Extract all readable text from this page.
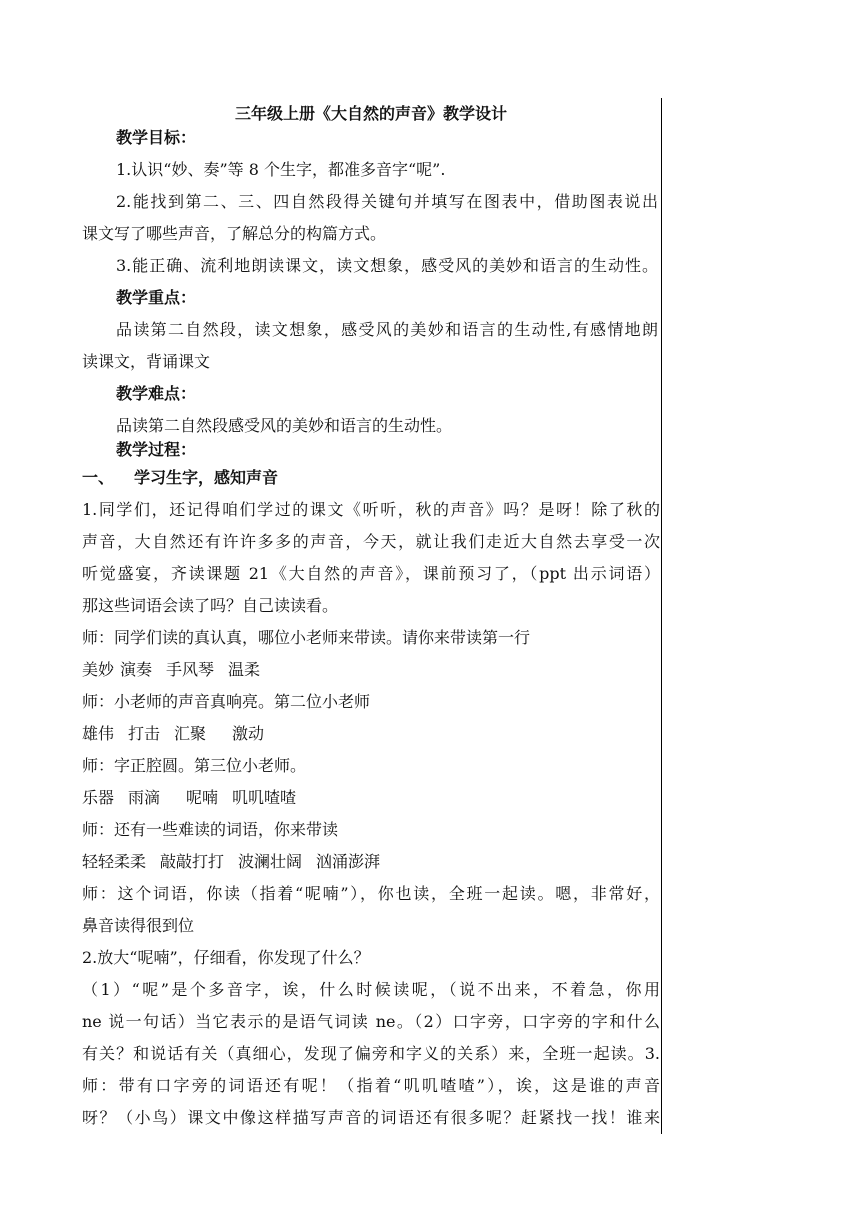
三年级上册《大自然的声音》教学设计
教学目标：
1.认识“妙、奏”等 8 个生字，都准多音字“呢”.
2.能找到第二、三、四自然段得关键句并填写在图表中，借助图表说出
课文写了哪些声音，了解总分的构篇方式。
3.能正确、流利地朗读课文，读文想象，感受风的美妙和语言的生动性。
教学重点：
品读第二自然段，读文想象，感受风的美妙和语言的生动性,有感情地朗
读课文，背诵课文
教学难点：
品读第二自然段感受风的美妙和语言的生动性。
教学过程：
一、 学习生字，感知声音
1.同学们，还记得咱们学过的课文《听听，秋的声音》吗？是呀！除了秋的
声音，大自然还有许许多多的声音，今天，就让我们走近大自然去享受一次
听觉盛宴，齐读课题 21《大自然的声音》，课前预习了，（ppt 出示词语）
那这些词语会读了吗？自己读读看。
师：同学们读的真认真，哪位小老师来带读。请你来带读第一行
美妙 演奏 手风琴 温柔
师：小老师的声音真响亮。第二位小老师
雄伟 打击 汇聚 激动
师：字正腔圆。第三位小老师。
乐器 雨滴 呢喃 叽叽喳喳
师：还有一些难读的词语，你来带读
轻轻柔柔 敲敲打打 波澜壮阔 汹涌澎湃
师：这个词语，你读（指着“呢喃”），你也读，全班一起读。嗯，非常好，
鼻音读得很到位
2.放大“呢喃”，仔细看，你发现了什么？
（1）“呢”是个多音字，诶，什么时候读呢，（说不出来，不着急，你用
ne 说一句话）当它表示的是语气词读 ne。（2）口字旁，口字旁的字和什么
有关？和说话有关（真细心，发现了偏旁和字义的关系）来，全班一起读。3.
师：带有口字旁的词语还有呢！（指着“叽叽喳喳”），诶，这是谁的声音
呀？（小鸟）课文中像这样描写声音的词语还有很多呢？赶紧找一找！谁来
